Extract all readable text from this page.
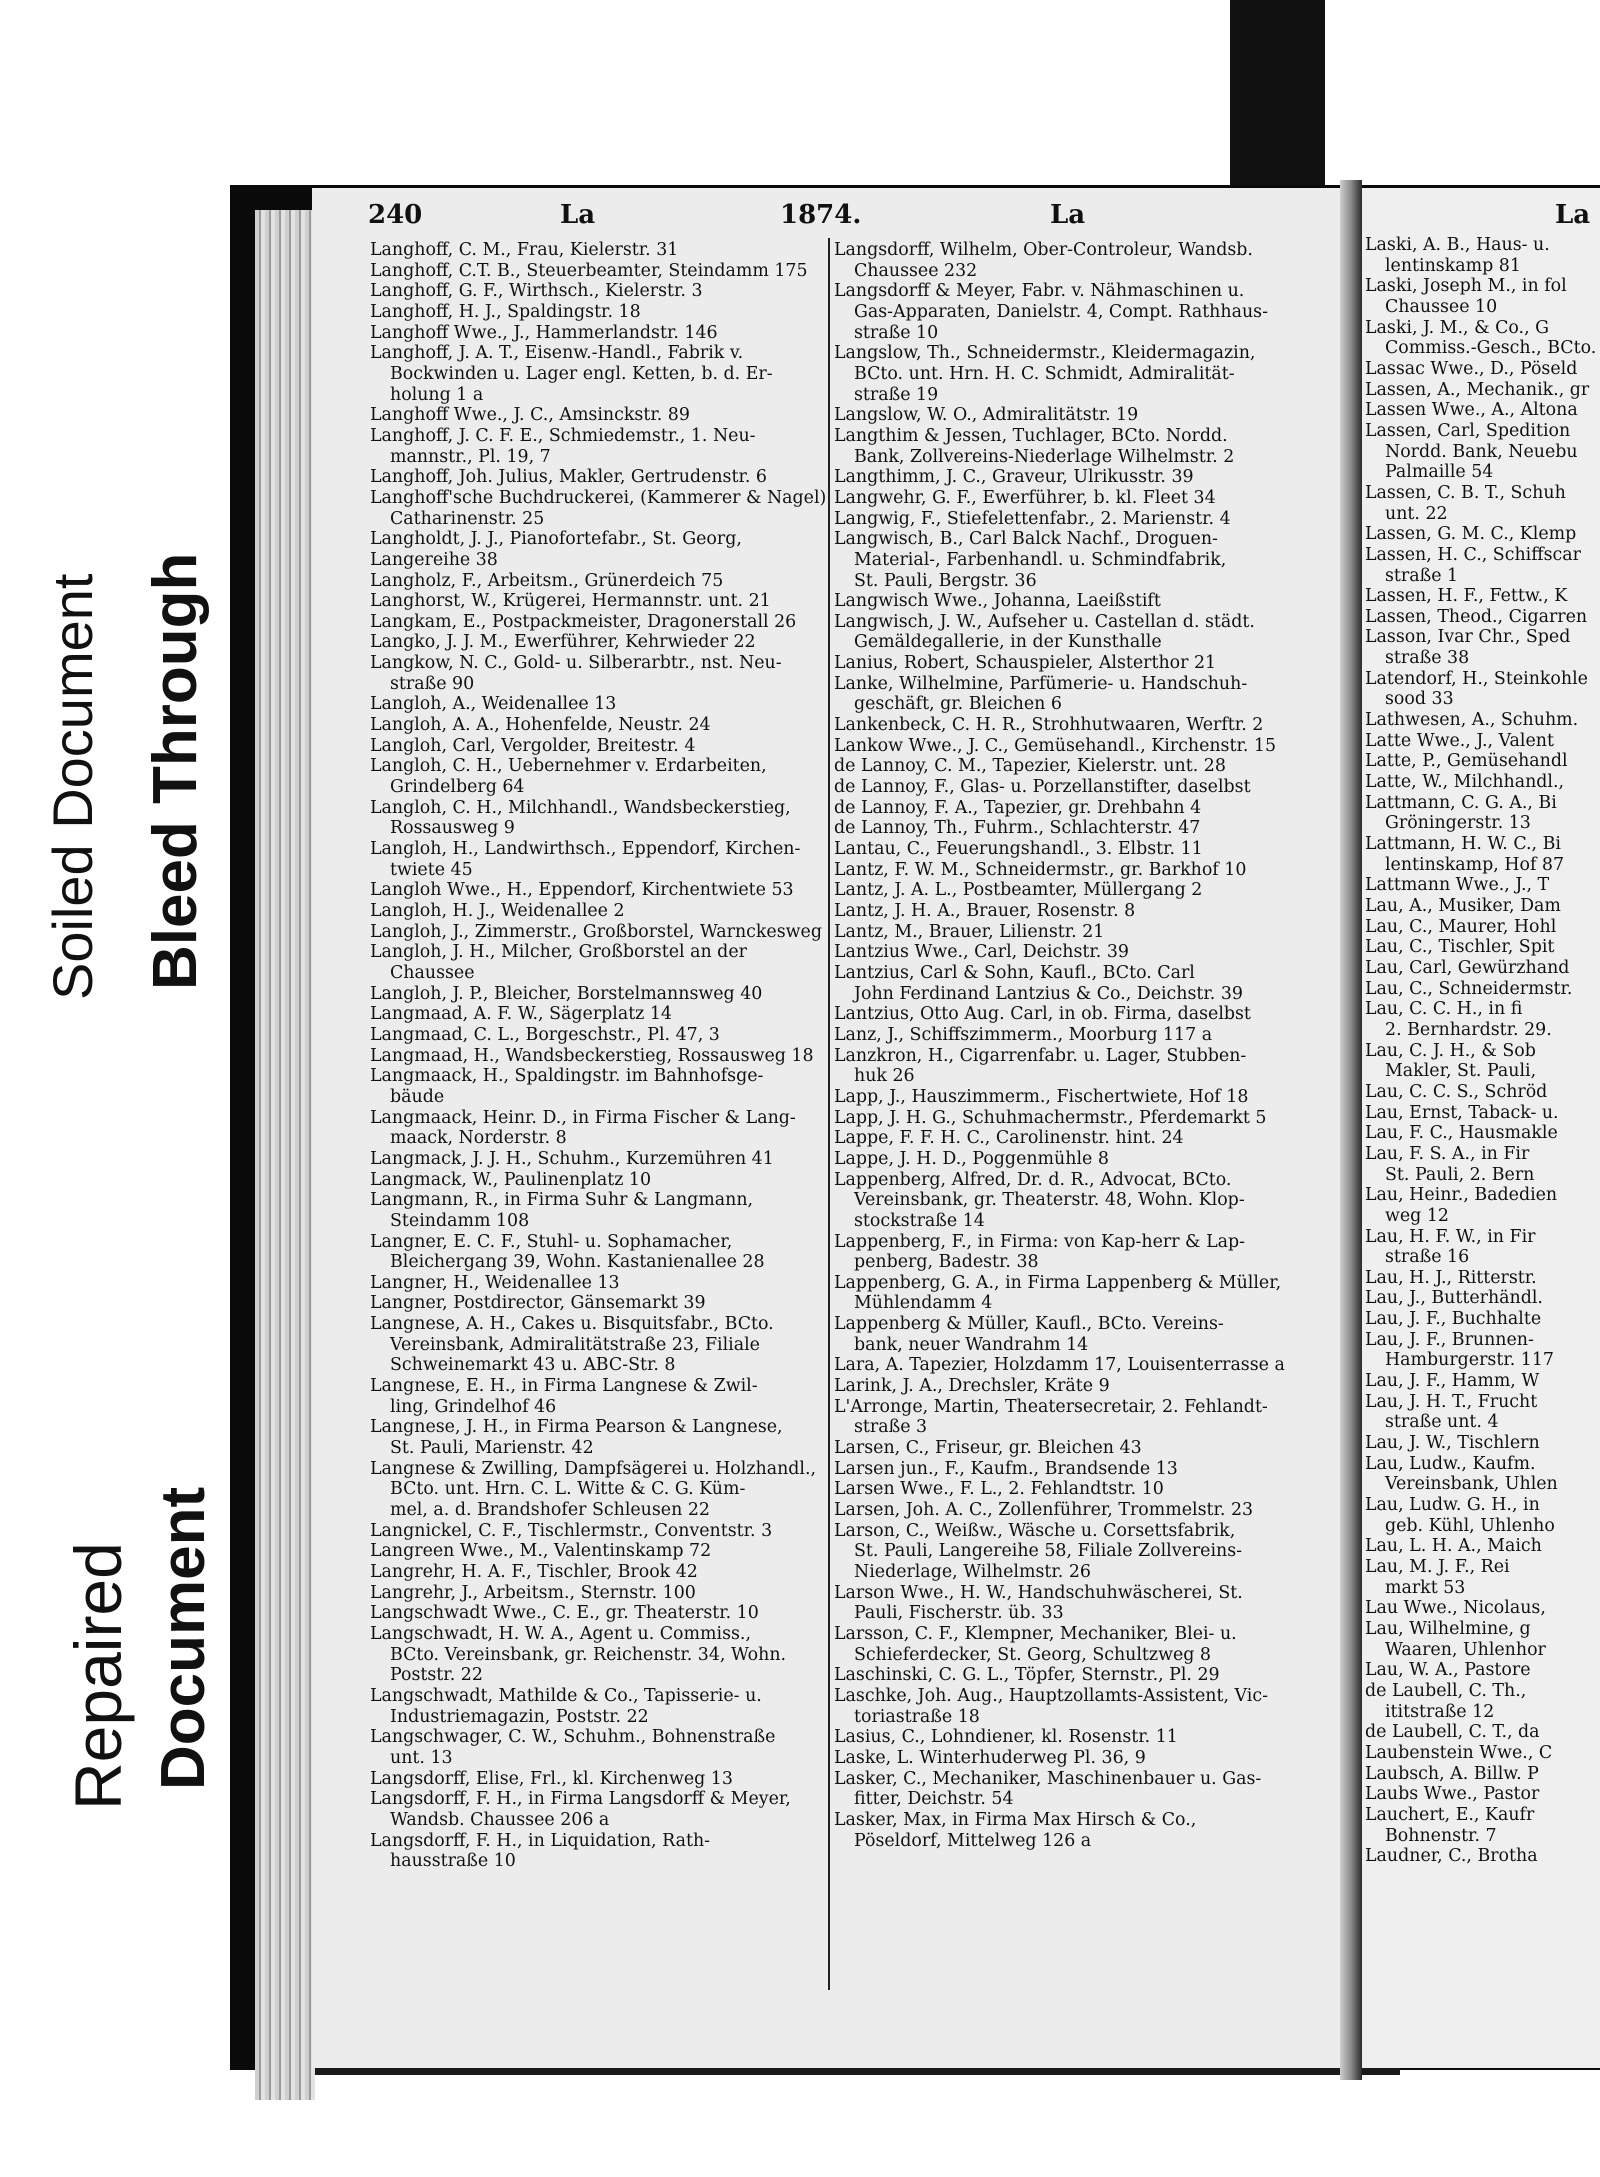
Soiled Document Bleed Through
Repaired Document
240	La	1874.	La	La
Langhoff, C. M., Frau, Kielerstr. 31
Langhoff, C.T. B., Steuerbeamter, Steindamm 175
Langhoff, G. F., Wirthsch., Kielerstr. 3
Langhoff, H. J., Spaldingstr. 18
Langhoff Wwe., J., Hammerlandstr. 146
Langhoff, J. A. T., Eisenw.-Handl., Fabrik v.
Bockwinden u. Lager engl. Ketten, b. d. Er-
holung 1 a
Langhoff Wwe., J. C., Amsinckstr. 89
Langhoff, J. C. F. E., Schmiedemstr., 1. Neu-
mannstr., Pl. 19, 7
Langhoff, Joh. Julius, Makler, Gertrudenstr. 6
Langhoff'sche Buchdruckerei, (Kammerer & Nagel)
Catharinenstr. 25
Langholdt, J. J., Pianofortefabr., St. Georg,
Langereihe 38
Langholz, F., Arbeitsm., Grünerdeich 75
Langhorst, W., Krügerei, Hermannstr. unt. 21
Langkam, E., Postpackmeister, Dragonerstall 26
Langko, J. J. M., Ewerführer, Kehrwieder 22
Langkow, N. C., Gold- u. Silberarbtr., nst. Neu-
straße 90
Langloh, A., Weidenallee 13
Langloh, A. A., Hohenfelde, Neustr. 24
Langloh, Carl, Vergolder, Breitestr. 4
Langloh, C. H., Uebernehmer v. Erdarbeiten,
Grindelberg 64
Langloh, C. H., Milchhandl., Wandsbeckerstieg,
Rossausweg 9
Langloh, H., Landwirthsch., Eppendorf, Kirchen-
twiete 45
Langloh Wwe., H., Eppendorf, Kirchentwiete 53
Langloh, H. J., Weidenallee 2
Langloh, J., Zimmerstr., Großborstel, Warnckesweg
Langloh, J. H., Milcher, Großborstel an der
Chaussee
Langloh, J. P., Bleicher, Borstelmannsweg 40
Langmaad, A. F. W., Sägerplatz 14
Langmaad, C. L., Borgeschstr., Pl. 47, 3
Langmaad, H., Wandsbeckerstieg, Rossausweg 18
Langmaack, H., Spaldingstr. im Bahnhofsge-
bäude
Langmaack, Heinr. D., in Firma Fischer & Lang-
maack, Norderstr. 8
Langmack, J. J. H., Schuhm., Kurzemühren 41
Langmack, W., Paulinenplatz 10
Langmann, R., in Firma Suhr & Langmann,
Steindamm 108
Langner, E. C. F., Stuhl- u. Sophamacher,
Bleichergang 39, Wohn. Kastanienallee 28
Langner, H., Weidenallee 13
Langner, Postdirector, Gänsemarkt 39
Langnese, A. H., Cakes u. Bisquitsfabr., BCto.
Vereinsbank, Admiralitätstraße 23, Filiale
Schweinemarkt 43 u. ABC-Str. 8
Langnese, E. H., in Firma Langnese & Zwil-
ling, Grindelhof 46
Langnese, J. H., in Firma Pearson & Langnese,
St. Pauli, Marienstr. 42
Langnese & Zwilling, Dampfsägerei u. Holzhandl.,
BCto. unt. Hrn. C. L. Witte & C. G. Küm-
mel, a. d. Brandshofer Schleusen 22
Langnickel, C. F., Tischlermstr., Conventstr. 3
Langreen Wwe., M., Valentinskamp 72
Langrehr, H. A. F., Tischler, Brook 42
Langrehr, J., Arbeitsm., Sternstr. 100
Langschwadt Wwe., C. E., gr. Theaterstr. 10
Langschwadt, H. W. A., Agent u. Commiss.,
BCto. Vereinsbank, gr. Reichenstr. 34, Wohn.
Poststr. 22
Langschwadt, Mathilde & Co., Tapisserie- u.
Industriemagazin, Poststr. 22
Langschwager, C. W., Schuhm., Bohnenstraße
unt. 13
Langsdorff, Elise, Frl., kl. Kirchenweg 13
Langsdorff, F. H., in Firma Langsdorff & Meyer,
Wandsb. Chaussee 206 a
Langsdorff, F. H., in Liquidation, Rath-
hausstraße 10
Langsdorff, Wilhelm, Ober-Controleur, Wandsb.
Chaussee 232
Langsdorff & Meyer, Fabr. v. Nähmaschinen u.
Gas-Apparaten, Danielstr. 4, Compt. Rathhaus-
straße 10
Langslow, Th., Schneidermstr., Kleidermagazin,
BCto. unt. Hrn. H. C. Schmidt, Admiralität-
straße 19
Langslow, W. O., Admiralitätstr. 19
Langthim & Jessen, Tuchlager, BCto. Nordd.
Bank, Zollvereins-Niederlage Wilhelmstr. 2
Langthimm, J. C., Graveur, Ulrikusstr. 39
Langwehr, G. F., Ewerführer, b. kl. Fleet 34
Langwig, F., Stiefelettenfabr., 2. Marienstr. 4
Langwisch, B., Carl Balck Nachf., Droguen-
Material-, Farbenhandl. u. Schmindfabrik,
St. Pauli, Bergstr. 36
Langwisch Wwe., Johanna, Laeißstift
Langwisch, J. W., Aufseher u. Castellan d. städt.
Gemäldegallerie, in der Kunsthalle
Lanius, Robert, Schauspieler, Alsterthor 21
Lanke, Wilhelmine, Parfümerie- u. Handschuh-
geschäft, gr. Bleichen 6
Lankenbeck, C. H. R., Strohhutwaaren, Werftr. 2
Lankow Wwe., J. C., Gemüsehandl., Kirchenstr. 15
de Lannoy, C. M., Tapezier, Kielerstr. unt. 28
de Lannoy, F., Glas- u. Porzellanstifter, daselbst
de Lannoy, F. A., Tapezier, gr. Drehbahn 4
de Lannoy, Th., Fuhrm., Schlachterstr. 47
Lantau, C., Feuerungshandl., 3. Elbstr. 11
Lantz, F. W. M., Schneidermstr., gr. Barkhof 10
Lantz, J. A. L., Postbeamter, Müllergang 2
Lantz, J. H. A., Brauer, Rosenstr. 8
Lantz, M., Brauer, Lilienstr. 21
Lantzius Wwe., Carl, Deichstr. 39
Lantzius, Carl & Sohn, Kaufl., BCto. Carl
John Ferdinand Lantzius & Co., Deichstr. 39
Lantzius, Otto Aug. Carl, in ob. Firma, daselbst
Lanz, J., Schiffszimmerm., Moorburg 117 a
Lanzkron, H., Cigarrenfabr. u. Lager, Stubben-
huk 26
Lapp, J., Hauszimmerm., Fischertwiete, Hof 18
Lapp, J. H. G., Schuhmachermstr., Pferdemarkt 5
Lappe, F. F. H. C., Carolinenstr. hint. 24
Lappe, J. H. D., Poggenmühle 8
Lappenberg, Alfred, Dr. d. R., Advocat, BCto.
Vereinsbank, gr. Theaterstr. 48, Wohn. Klop-
stockstraße 14
Lappenberg, F., in Firma: von Kap-herr & Lap-
penberg, Badestr. 38
Lappenberg, G. A., in Firma Lappenberg & Müller,
Mühlendamm 4
Lappenberg & Müller, Kaufl., BCto. Vereins-
bank, neuer Wandrahm 14
Lara, A. Tapezier, Holzdamm 17, Louisenterrasse a
Larink, J. A., Drechsler, Kräte 9
L'Arronge, Martin, Theatersecretair, 2. Fehlandt-
straße 3
Larsen, C., Friseur, gr. Bleichen 43
Larsen jun., F., Kaufm., Brandsende 13
Larsen Wwe., F. L., 2. Fehlandtstr. 10
Larsen, Joh. A. C., Zollenführer, Trommelstr. 23
Larson, C., Weißw., Wäsche u. Corsettsfabrik,
St. Pauli, Langereihe 58, Filiale Zollvereins-
Niederlage, Wilhelmstr. 26
Larson Wwe., H. W., Handschuhwäscherei, St.
Pauli, Fischerstr. üb. 33
Larsson, C. F., Klempner, Mechaniker, Blei- u.
Schieferdecker, St. Georg, Schultzweg 8
Laschinski, C. G. L., Töpfer, Sternstr., Pl. 29
Laschke, Joh. Aug., Hauptzollamts-Assistent, Vic-
toriastraße 18
Lasius, C., Lohndiener, kl. Rosenstr. 11
Laske, L. Winterhuderweg Pl. 36, 9
Lasker, C., Mechaniker, Maschinenbauer u. Gas-
fitter, Deichstr. 54
Lasker, Max, in Firma Max Hirsch & Co.,
Pöseldorf, Mittelweg 126 a
Laski, A. B., Haus- u.
lentinskamp 81
Laski, Joseph M., in fol
Chaussee 10
Laski, J. M., & Co., G
Commiss.-Gesch., BCto.
Lassac Wwe., D., Pöseld
Lassen, A., Mechanik., gr
Lassen Wwe., A., Altona
Lassen, Carl, Spedition
Nordd. Bank, Neuebu
Palmaille 54
Lassen, C. B. T., Schuh
unt. 22
Lassen, G. M. C., Klemp
Lassen, H. C., Schiffscar
straße 1
Lassen, H. F., Fettw., K
Lassen, Theod., Cigarren
Lasson, Ivar Chr., Sped
straße 38
Latendorf, H., Steinkohle
sood 33
Lathwesen, A., Schuhm.
Latte Wwe., J., Valent
Latte, P., Gemüsehandl
Latte, W., Milchhandl.,
Lattmann, C. G. A., Bi
Gröningerstr. 13
Lattmann, H. W. C., Bi
lentinskamp, Hof 87
Lattmann Wwe., J., T
Lau, A., Musiker, Dam
Lau, C., Maurer, Hohl
Lau, C., Tischler, Spit
Lau, Carl, Gewürzhand
Lau, C., Schneidermstr.
Lau, C. C. H., in fi
2. Bernhardstr. 29.
Lau, C. J. H., & Sob
Makler, St. Pauli,
Lau, C. C. S., Schröd
Lau, Ernst, Taback- u.
Lau, F. C., Hausmakle
Lau, F. S. A., in Fir
St. Pauli, 2. Bern
Lau, Heinr., Badedien
weg 12
Lau, H. F. W., in Fir
straße 16
Lau, H. J., Ritterstr.
Lau, J., Butterhändl.
Lau, J. F., Buchhalte
Lau, J. F., Brunnen-
Hamburgerstr. 117
Lau, J. F., Hamm, W
Lau, J. H. T., Frucht
straße unt. 4
Lau, J. W., Tischlern
Lau, Ludw., Kaufm.
Vereinsbank, Uhlen
Lau, Ludw. G. H., in
geb. Kühl, Uhlenho
Lau, L. H. A., Maich
Lau, M. J. F., Rei
markt 53
Lau Wwe., Nicolaus,
Lau, Wilhelmine, g
Waaren, Uhlenhor
Lau, W. A., Pastore
de Laubell, C. Th.,
ititstraße 12
de Laubell, C. T., da
Laubenstein Wwe., C
Laubsch, A. Billw. P
Laubs Wwe., Pastor
Lauchert, E., Kaufr
Bohnenstr. 7
Laudner, C., Brotha
